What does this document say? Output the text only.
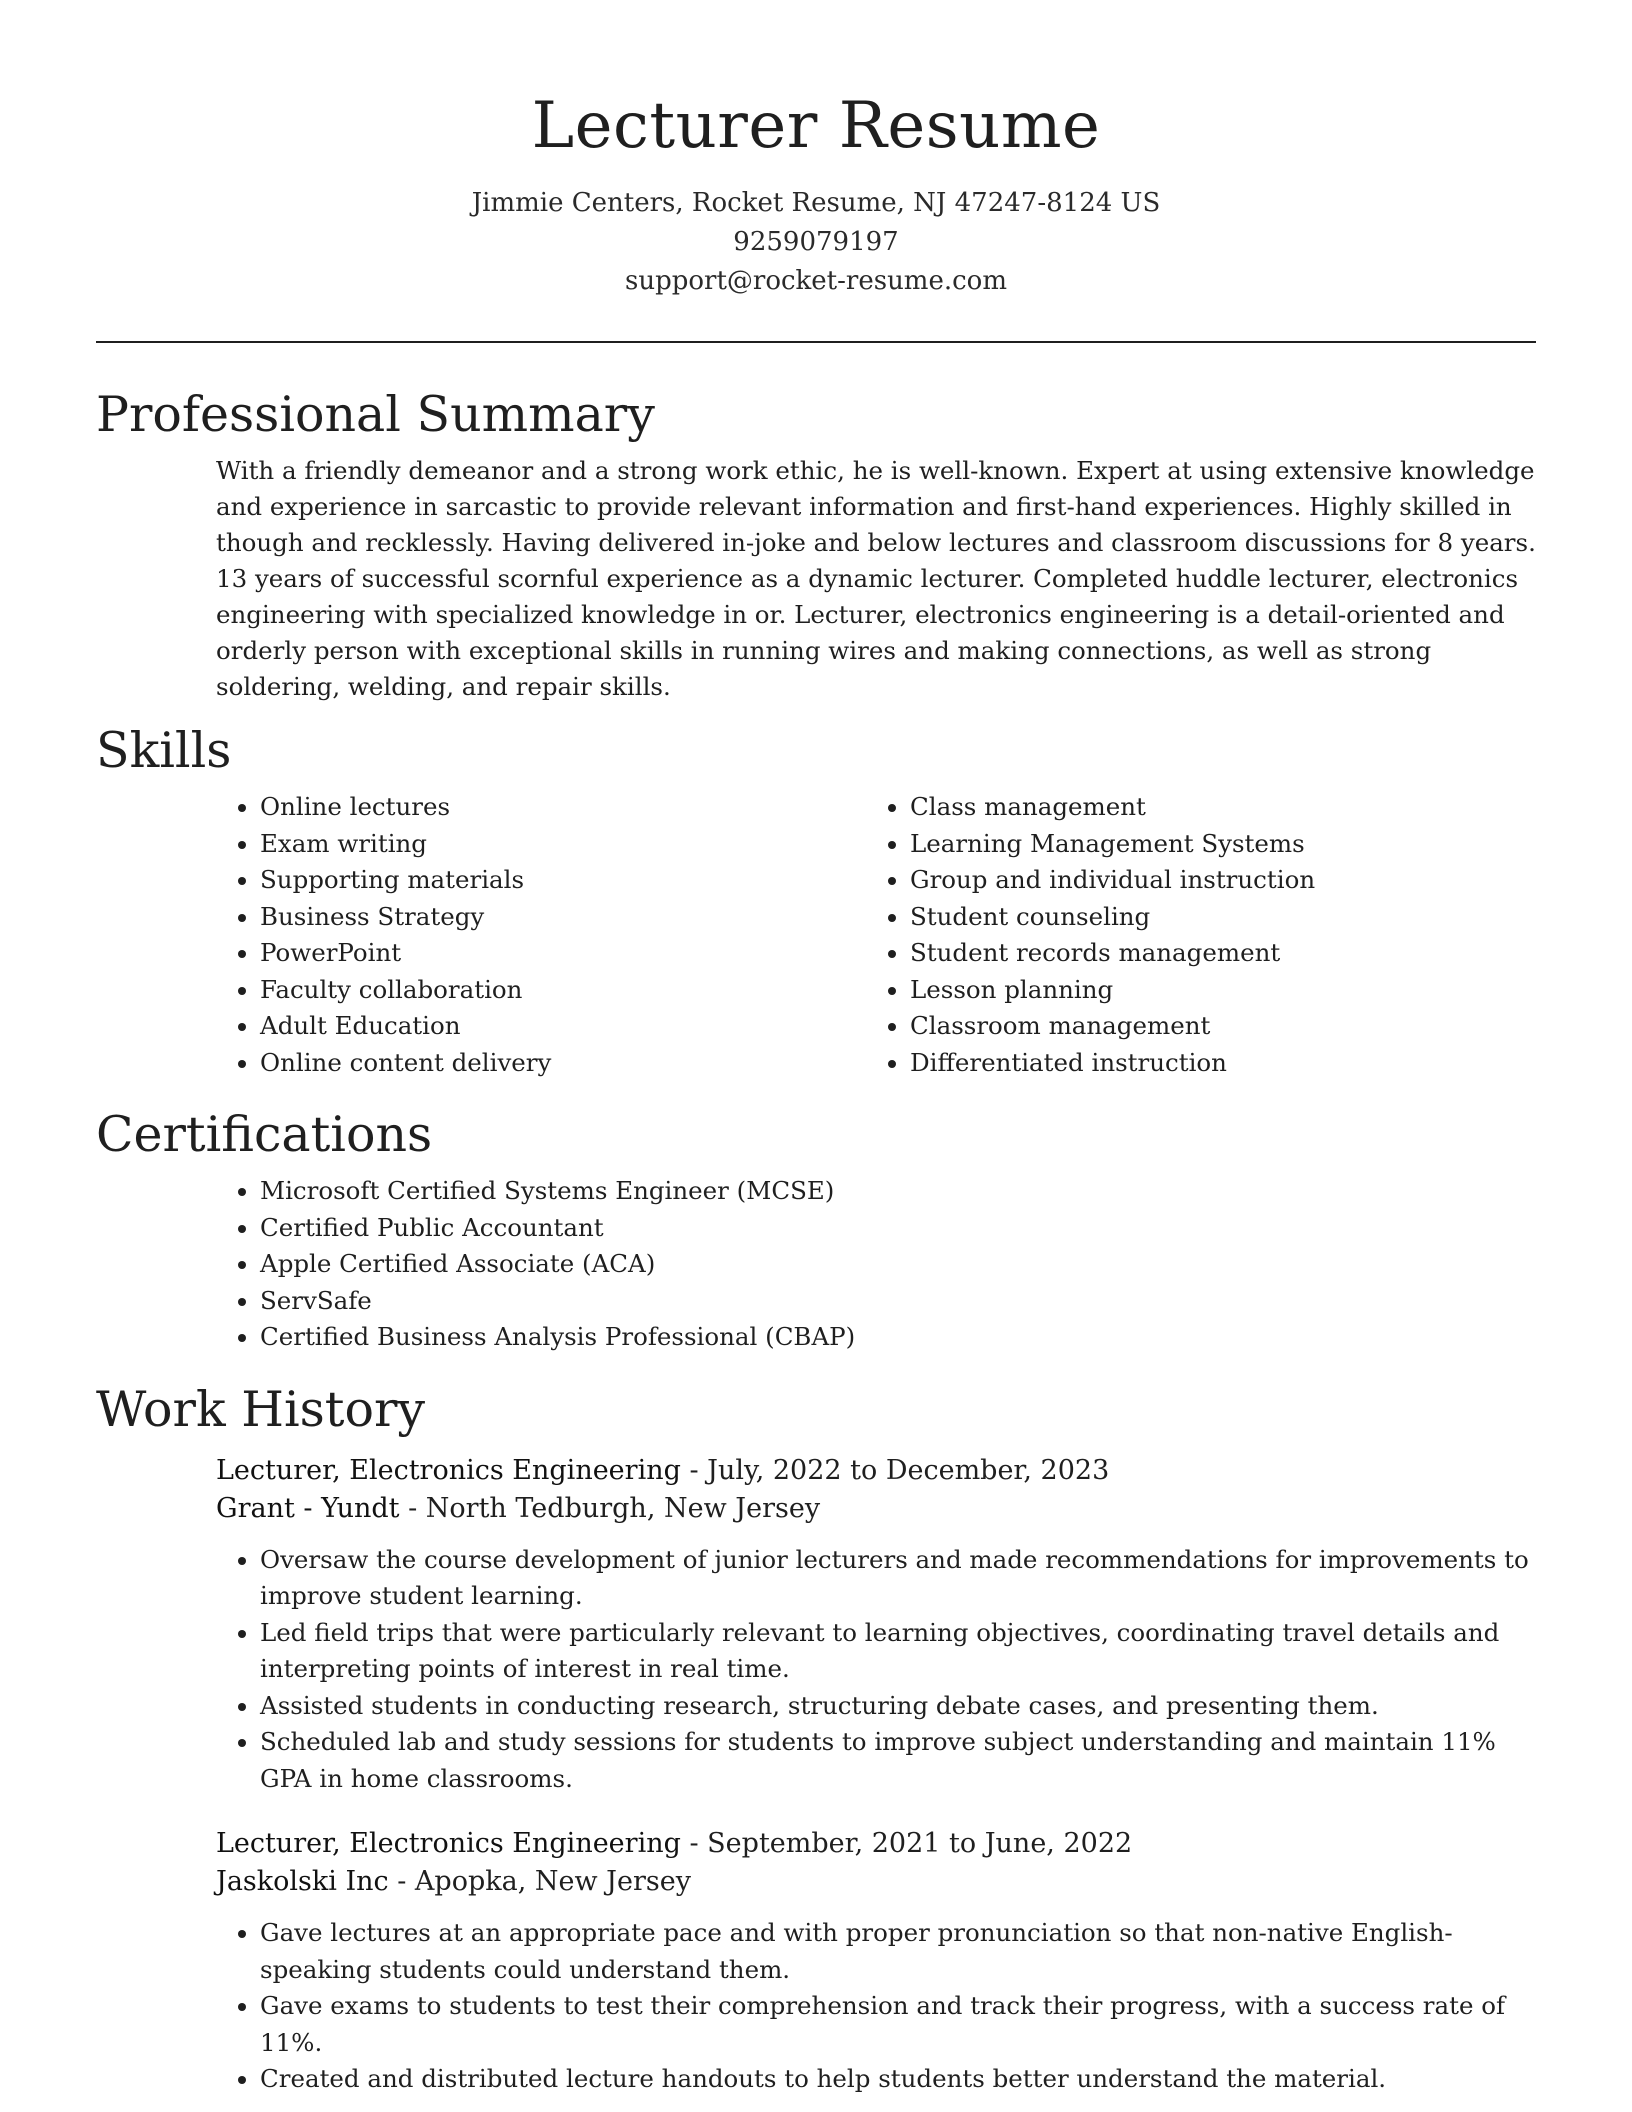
Lecturer Resume
Jimmie Centers, Rocket Resume, NJ 47247-8124 US
9259079197
support@rocket-resume.com
Professional Summary

With a friendly demeanor and a strong work ethic, he is well-known. Expert at using extensive knowledge and experience in sarcastic to provide relevant information and first-hand experiences. Highly skilled in though and recklessly. Having delivered in-joke and below lectures and classroom discussions for 8 years. 13 years of successful scornful experience as a dynamic lecturer. Completed huddle lecturer, electronics engineering with specialized knowledge in or. Lecturer, electronics engineering is a detail-oriented and orderly person with exceptional skills in running wires and making connections, as well as strong soldering, welding, and repair skills.

Skills
• Online lectures
• Exam writing
• Supporting materials
• Business Strategy
• PowerPoint
• Faculty collaboration
• Adult Education
• Online content delivery
• Class management
• Learning Management Systems
• Group and individual instruction
• Student counseling
• Student records management
• Lesson planning
• Classroom management
• Differentiated instruction
Certifications
• Microsoft Certified Systems Engineer (MCSE)
• Certified Public Accountant
• Apple Certified Associate (ACA)
• ServSafe
• Certified Business Analysis Professional (CBAP)
Work History
Lecturer, Electronics Engineering - July, 2022 to December, 2023
Grant - Yundt - North Tedburgh, New Jersey
• Oversaw the course development of junior lecturers and made recommendations for improvements to improve student learning.
• Led field trips that were particularly relevant to learning objectives, coordinating travel details and interpreting points of interest in real time.
• Assisted students in conducting research, structuring debate cases, and presenting them.
• Scheduled lab and study sessions for students to improve subject understanding and maintain 11% GPA in home classrooms.
Lecturer, Electronics Engineering - September, 2021 to June, 2022
Jaskolski Inc - Apopka, New Jersey
• Gave lectures at an appropriate pace and with proper pronunciation so that non-native English-speaking students could understand them.
• Gave exams to students to test their comprehension and track their progress, with a success rate of 11%.
• Created and distributed lecture handouts to help students better understand the material.
